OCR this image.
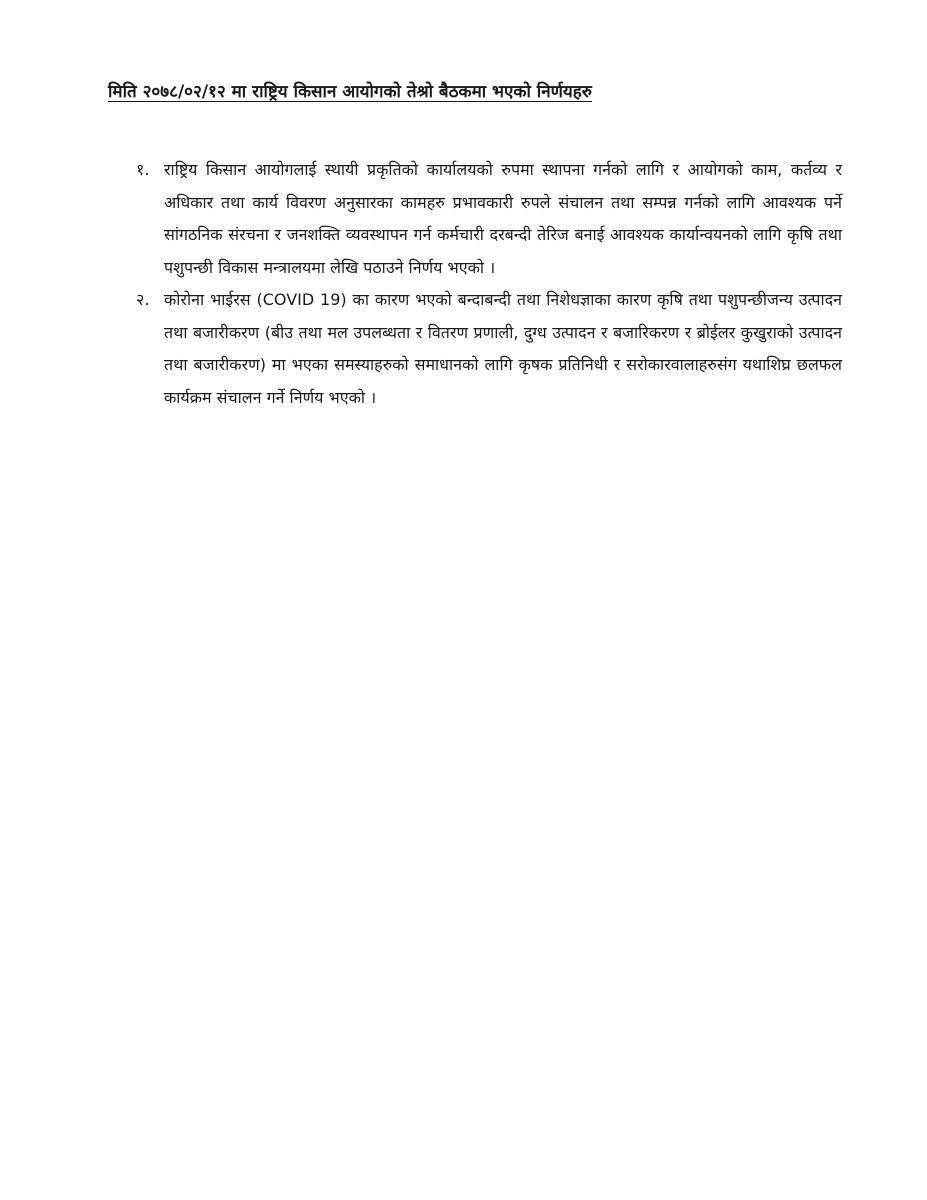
मिति २०७८/०२/१२ मा राष्ट्रिय किसान आयोगको तेश्रो बैठकमा भएको निर्णयहरु
१. राष्ट्रिय किसान आयोगलाई स्थायी प्रकृतिको कार्यालयको रुपमा स्थापना गर्नको लागि र आयोगको काम, कर्तव्य र अधिकार तथा कार्य विवरण अनुसारका कामहरु प्रभावकारी रुपले संचालन तथा सम्पन्न गर्नको लागि आवश्यक पर्ने सांगठनिक संरचना र जनशक्ति व्यवस्थापन गर्न कर्मचारी दरबन्दी तेरिज बनाई आवश्यक कार्यान्वयनको लागि कृषि तथा पशुपन्छी विकास मन्त्रालयमा लेखि पठाउने निर्णय भएको ।
२. कोरोना भाईरस (COVID 19) का कारण भएको बन्दाबन्दी तथा निशेधज्ञाका कारण कृषि तथा पशुपन्छीजन्य उत्पादन तथा बजारीकरण (बीउ तथा मल उपलब्धता र वितरण प्रणाली, दुग्ध उत्पादन र बजारिकरण र ब्रोईलर कुखुराको उत्पादन तथा बजारीकरण) मा भएका समस्याहरुको समाधानको लागि कृषक प्रतिनिधी र सरोकारवालाहरुसंग यथाशिघ्र छलफल कार्यक्रम संचालन गर्ने निर्णय भएको ।
